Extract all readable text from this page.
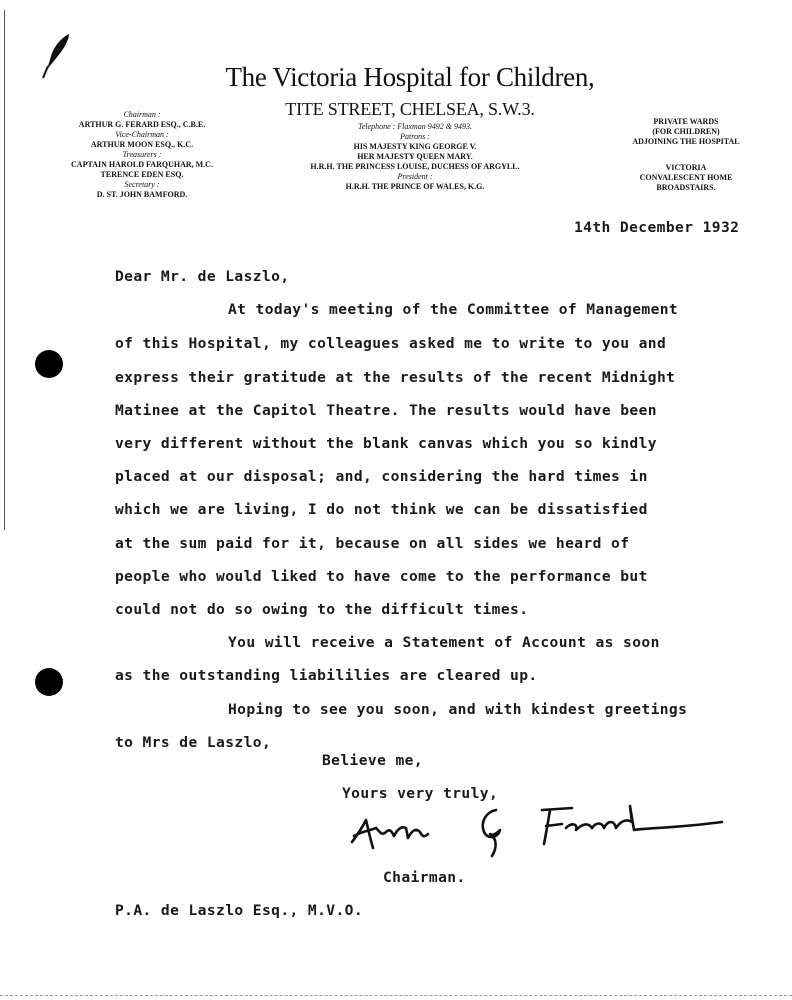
The Victoria Hospital for Children,
TITE STREET, CHELSEA, S.W.3.
Chairman :
ARTHUR G. FERARD ESQ., C.B.E.
Vice-Chairman :
ARTHUR MOON ESQ., K.C.
Treasurers :
CAPTAIN HAROLD FARQUHAR, M.C.
TERENCE EDEN ESQ.
Secretary :
D. ST. JOHN BAMFORD.
Telephone : Flaxman 9492 & 9493.
Patrons :
HIS MAJESTY KING GEORGE V.
HER MAJESTY QUEEN MARY.
H.R.H. THE PRINCESS LOUISE, DUCHESS OF ARGYLL.
President :
H.R.H. THE PRINCE OF WALES, K.G.
PRIVATE WARDS
(FOR CHILDREN)
ADJOINING THE HOSPITAL
VICTORIA
CONVALESCENT HOME
BROADSTAIRS.
14th December 1932
Dear Mr. de Laszlo,
At today's meeting of the Committee of Management
of this Hospital, my colleagues asked me to write to you and
express their gratitude at the results of the recent Midnight
Matinee at the Capitol Theatre. The results would have been
very different without the blank canvas which you so kindly
placed at our disposal; and, considering the hard times in
which we are living, I do not think we can be dissatisfied
at the sum paid for it, because on all sides we heard of
people who would liked to have come to the performance but
could not do so owing to the difficult times.
You will receive a Statement of Account as soon
as the outstanding liabililies are cleared up.
Hoping to see you soon, and with kindest greetings
to Mrs de Laszlo,
Believe me,
Yours very truly,
Chairman.
P.A. de Laszlo Esq., M.V.O.
